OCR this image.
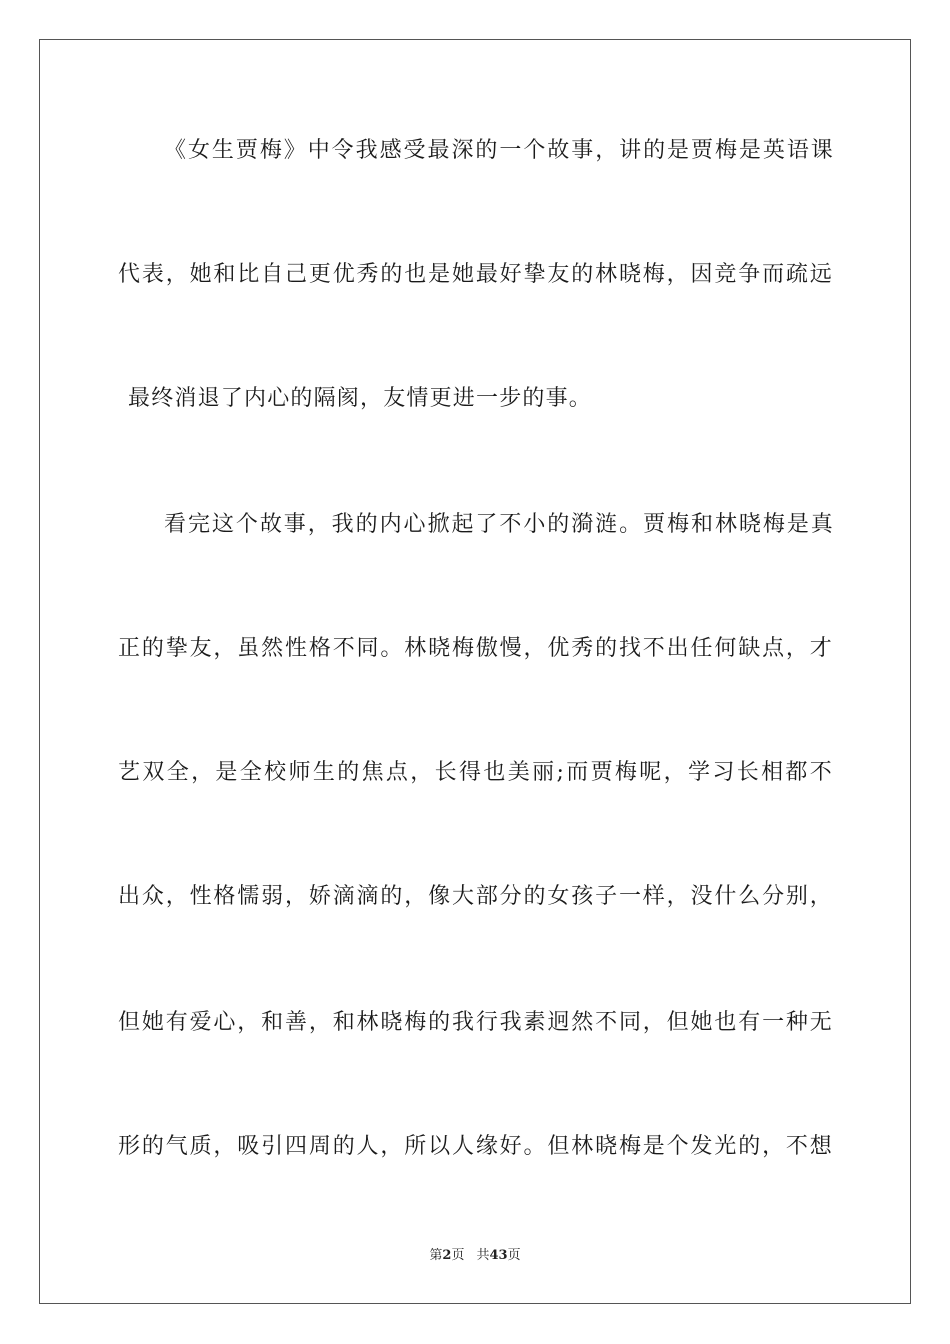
《女生贾梅》中令我感受最深的一个故事，讲的是贾梅是英语课
代表，她和比自己更优秀的也是她最好挚友的林晓梅，因竞争而疏远
最终消退了内心的隔阂，友情更进一步的事。
看完这个故事，我的内心掀起了不小的漪涟。贾梅和林晓梅是真
正的挚友，虽然性格不同。林晓梅傲慢，优秀的找不出任何缺点，才
艺双全，是全校师生的焦点，长得也美丽;而贾梅呢，学习长相都不
出众，性格懦弱，娇滴滴的，像大部分的女孩子一样，没什么分别，
但她有爱心，和善，和林晓梅的我行我素迥然不同，但她也有一种无
形的气质，吸引四周的人，所以人缘好。但林晓梅是个发光的，不想
第2页 共43页
